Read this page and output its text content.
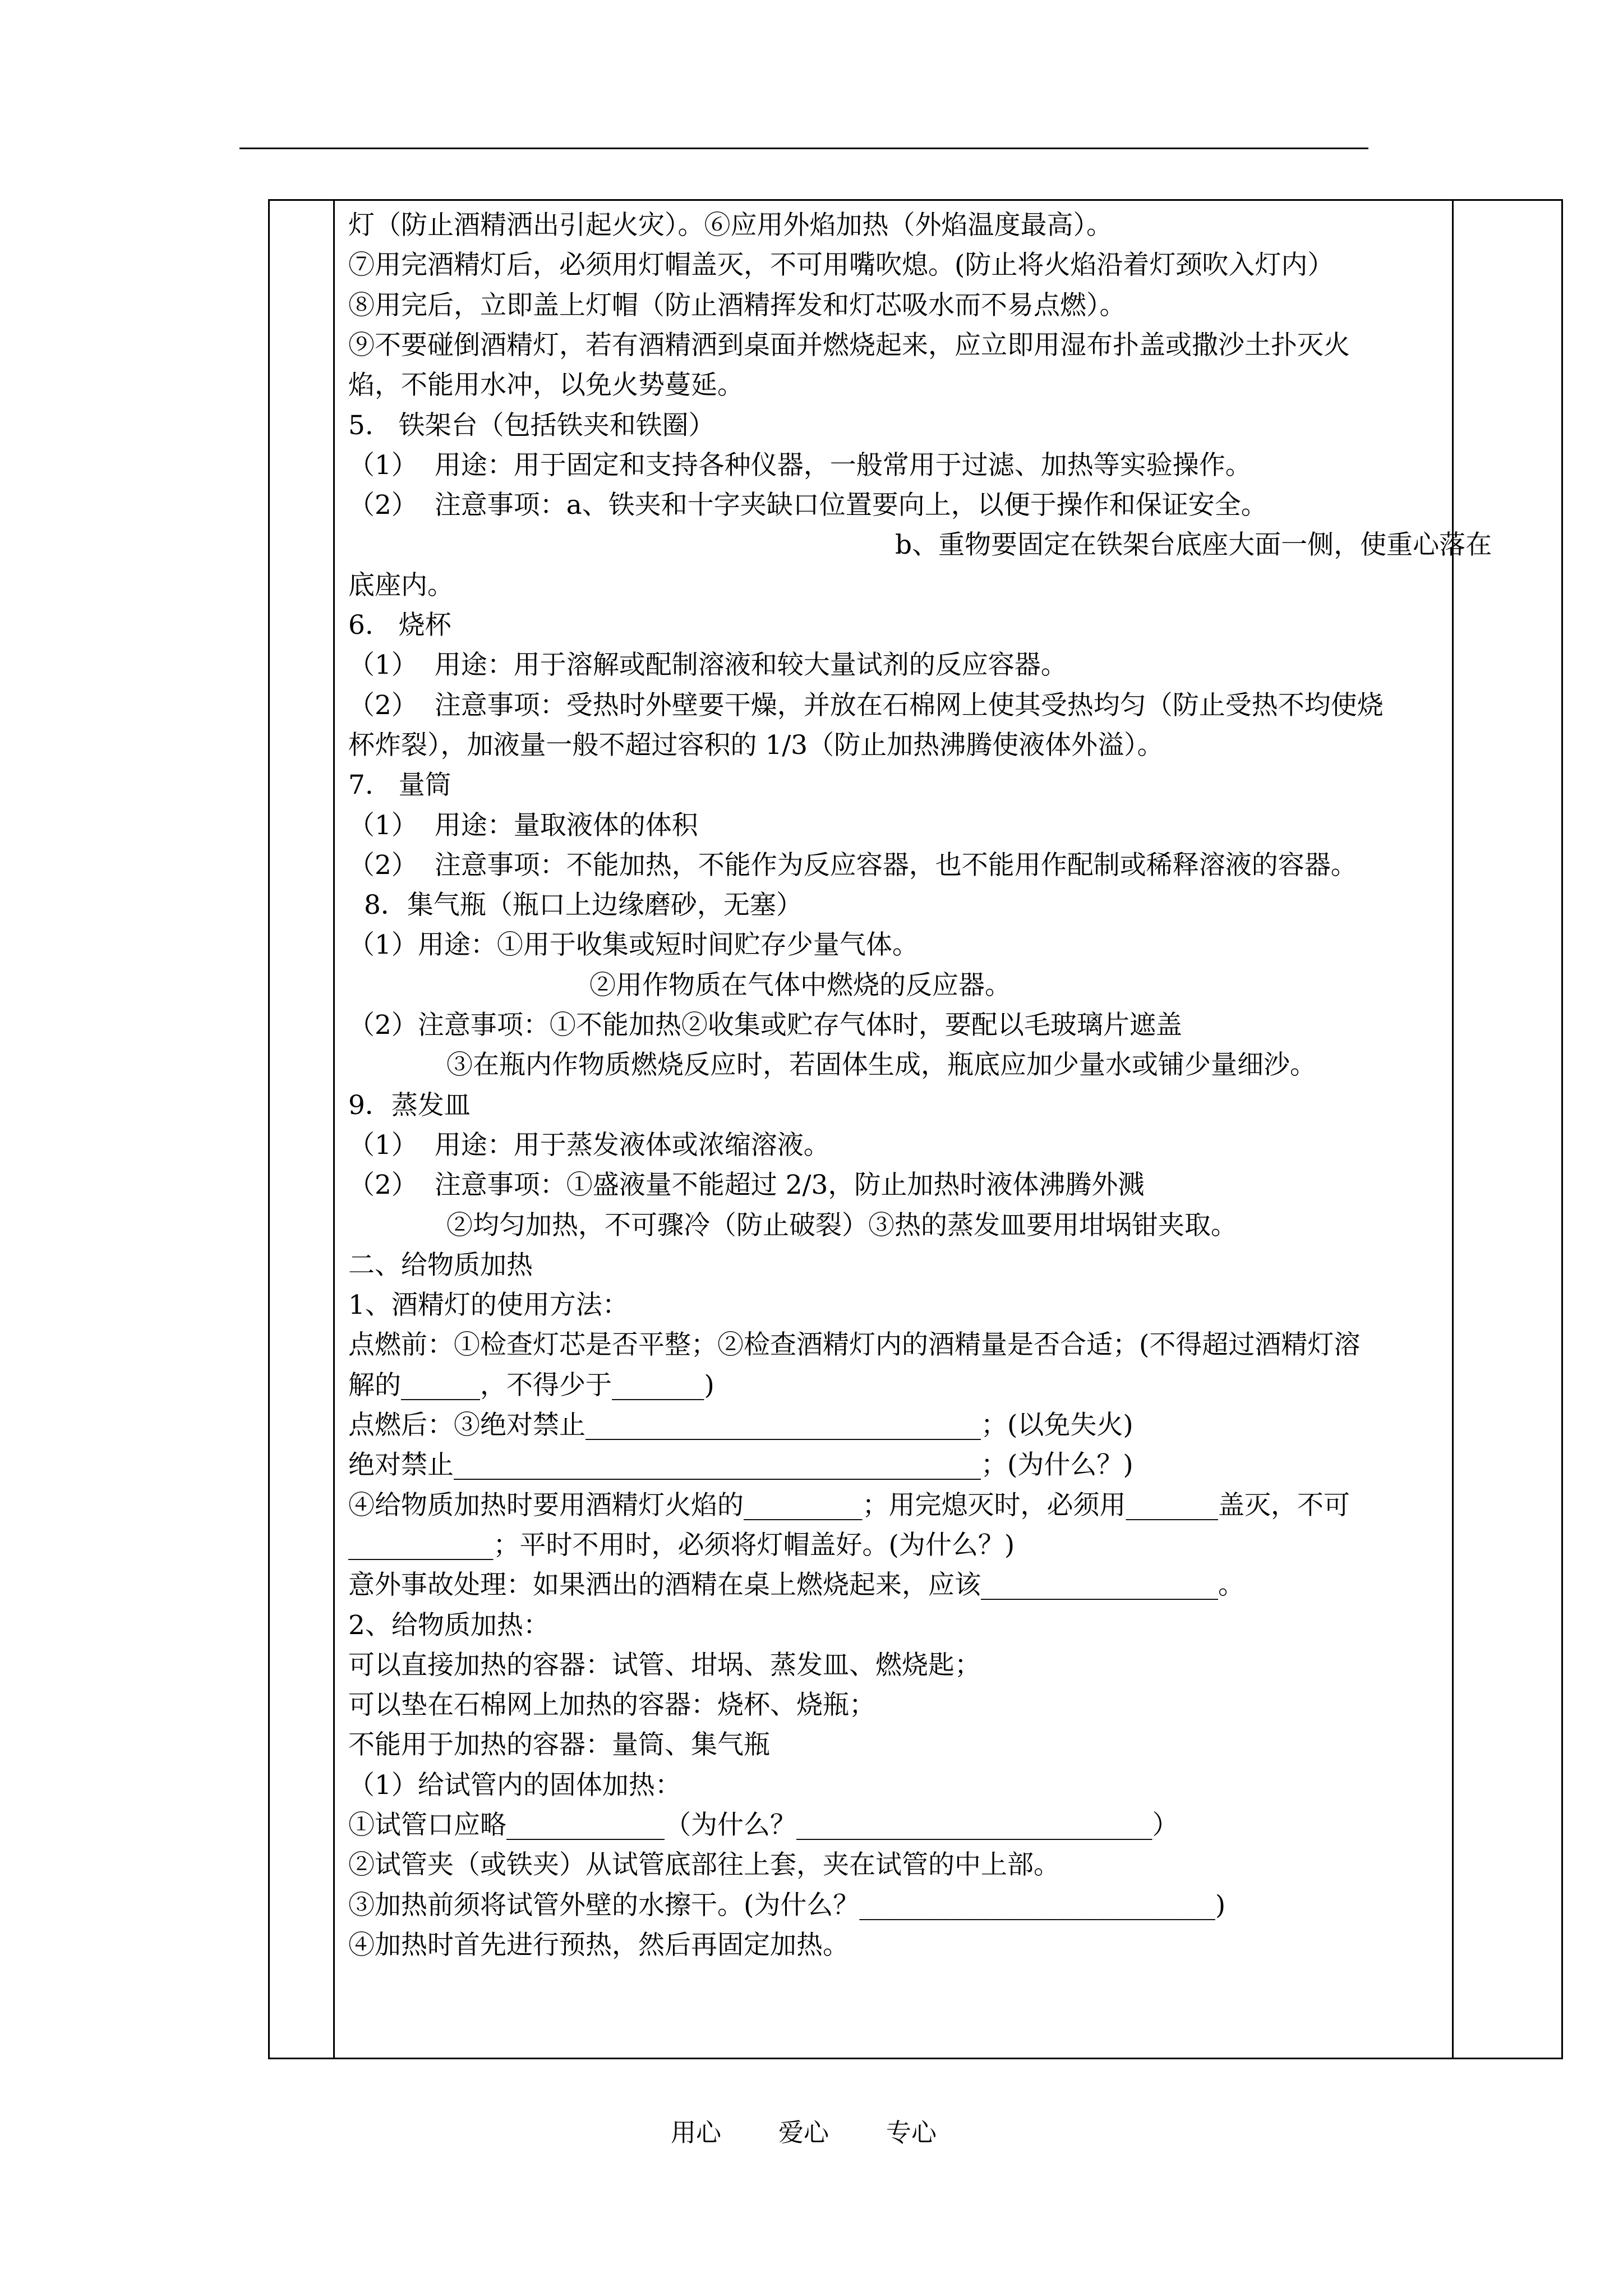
灯（防止酒精洒出引起火灾）。⑥应用外焰加热（外焰温度最高）。
⑦用完酒精灯后，必须用灯帽盖灭，不可用嘴吹熄。(防止将火焰沿着灯颈吹入灯内）
⑧用完后，立即盖上灯帽（防止酒精挥发和灯芯吸水而不易点燃）。
⑨不要碰倒酒精灯，若有酒精洒到桌面并燃烧起来，应立即用湿布扑盖或撒沙土扑灭火
焰，不能用水冲，以免火势蔓延。
5.   铁架台（包括铁夹和铁圈）
（1）  用途：用于固定和支持各种仪器，一般常用于过滤、加热等实验操作。
（2）  注意事项：a、铁夹和十字夹缺口位置要向上，以便于操作和保证安全。
b、重物要固定在铁架台底座大面一侧，使重心落在
底座内。
6.   烧杯
（1）  用途：用于溶解或配制溶液和较大量试剂的反应容器。
（2）  注意事项：受热时外壁要干燥，并放在石棉网上使其受热均匀（防止受热不均使烧
杯炸裂），加液量一般不超过容积的 1/3（防止加热沸腾使液体外溢）。
7.   量筒
（1）  用途：量取液体的体积
（2）  注意事项：不能加热，不能作为反应容器，也不能用作配制或稀释溶液的容器。
8．集气瓶（瓶口上边缘磨砂，无塞）
（1）用途：①用于收集或短时间贮存少量气体。
②用作物质在气体中燃烧的反应器。
（2）注意事项：①不能加热②收集或贮存气体时，要配以毛玻璃片遮盖
③在瓶内作物质燃烧反应时，若固体生成，瓶底应加少量水或铺少量细沙。
9．蒸发皿
（1）  用途：用于蒸发液体或浓缩溶液。
（2）  注意事项：①盛液量不能超过 2/3，防止加热时液体沸腾外溅
②均匀加热，不可骤冷（防止破裂）③热的蒸发皿要用坩埚钳夹取。
二、给物质加热
1、酒精灯的使用方法：
点燃前：①检查灯芯是否平整；②检查酒精灯内的酒精量是否合适；(不得超过酒精灯溶
解的______，不得少于_______)
点燃后：③绝对禁止______________________________；(以免失火)
绝对禁止________________________________________；(为什么？)
④给物质加热时要用酒精灯火焰的_________；用完熄灭时，必须用_______盖灭，不可
___________；平时不用时，必须将灯帽盖好。(为什么？)
意外事故处理：如果洒出的酒精在桌上燃烧起来，应该__________________。
2、给物质加热：
可以直接加热的容器：试管、坩埚、蒸发皿、燃烧匙；
可以垫在石棉网上加热的容器：烧杯、烧瓶；
不能用于加热的容器：量筒、集气瓶
（1）给试管内的固体加热：
①试管口应略____________（为什么？___________________________）
②试管夹（或铁夹）从试管底部往上套，夹在试管的中上部。
③加热前须将试管外壁的水擦干。(为什么？___________________________)
④加热时首先进行预热，然后再固定加热。
用心 爱心 专心
